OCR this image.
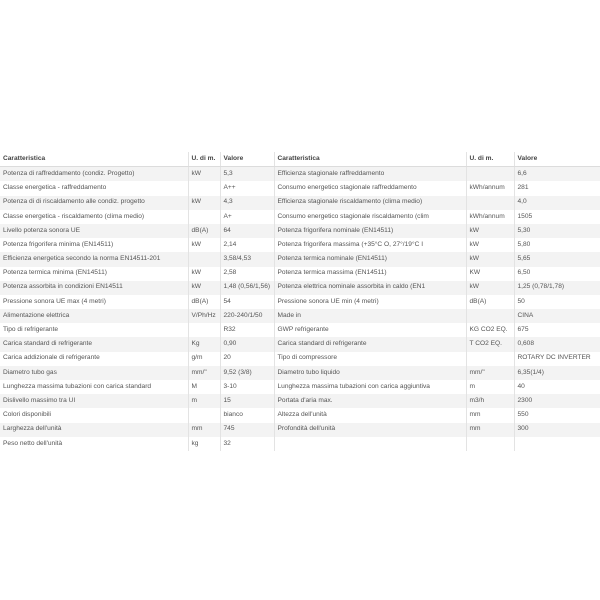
Caratteristica	U. di m.	Valore	Caratteristica	U. di m.	Valore
Potenza di raffreddamento (condiz. Progetto)	kW	5,3	Efficienza stagionale raffreddamento		6,6
Classe energetica - raffreddamento		A++	Consumo energetico stagionale raffreddamento	kWh/annum	281
Potenza di di riscaldamento alle condiz. progetto	kW	4,3	Efficienza stagionale riscaldamento (clima medio)		4,0
Classe energetica - riscaldamento (clima medio)		A+	Consumo energetico stagionale riscaldamento (clim	kWh/annum	1505
Livello potenza sonora UE	dB(A)	64	Potenza frigorifera nominale (EN14511)	kW	5,30
Potenza frigorifera minima (EN14511)	kW	2,14	Potenza frigorifera massima (+35°C O, 27°/19°C I	kW	5,80
Efficienza energetica secondo la norma EN14511-201		3,58/4,53	Potenza termica nominale (EN14511)	kW	5,65
Potenza termica minima (EN14511)	kW	2,58	Potenza termica massima (EN14511)	KW	6,50
Potenza assorbita in condizioni EN14511	kW	1,48 (0,56/1,56)	Potenza elettrica nominale assorbita in caldo (EN1	kW	1,25 (0,78/1,78)
Pressione sonora UE max (4 metri)	dB(A)	54	Pressione sonora UE min (4 metri)	dB(A)	50
Alimentazione elettrica	V/Ph/Hz	220-240/1/50	Made in		CINA
Tipo di refrigerante		R32	GWP refrigerante	KG CO2 EQ.	675
Carica standard di refrigerante	Kg	0,90	Carica standard di refrigerante	T CO2 EQ.	0,608
Carica addizionale di refrigerante	g/m	20	Tipo di compressore		ROTARY DC INVERTER
Diametro tubo gas	mm/"	9,52 (3/8)	Diametro tubo liquido	mm/"	6,35(1/4)
Lunghezza massima tubazioni con carica standard	M	3-10	Lunghezza massima tubazioni con carica aggiuntiva	m	40
Dislivello massimo tra UI	m	15	Portata d'aria max.	m3/h	2300
Colori disponibili		bianco	Altezza dell'unità	mm	550
Larghezza dell'unità	mm	745	Profondità dell'unità	mm	300
Peso netto dell'unità	kg	32			
